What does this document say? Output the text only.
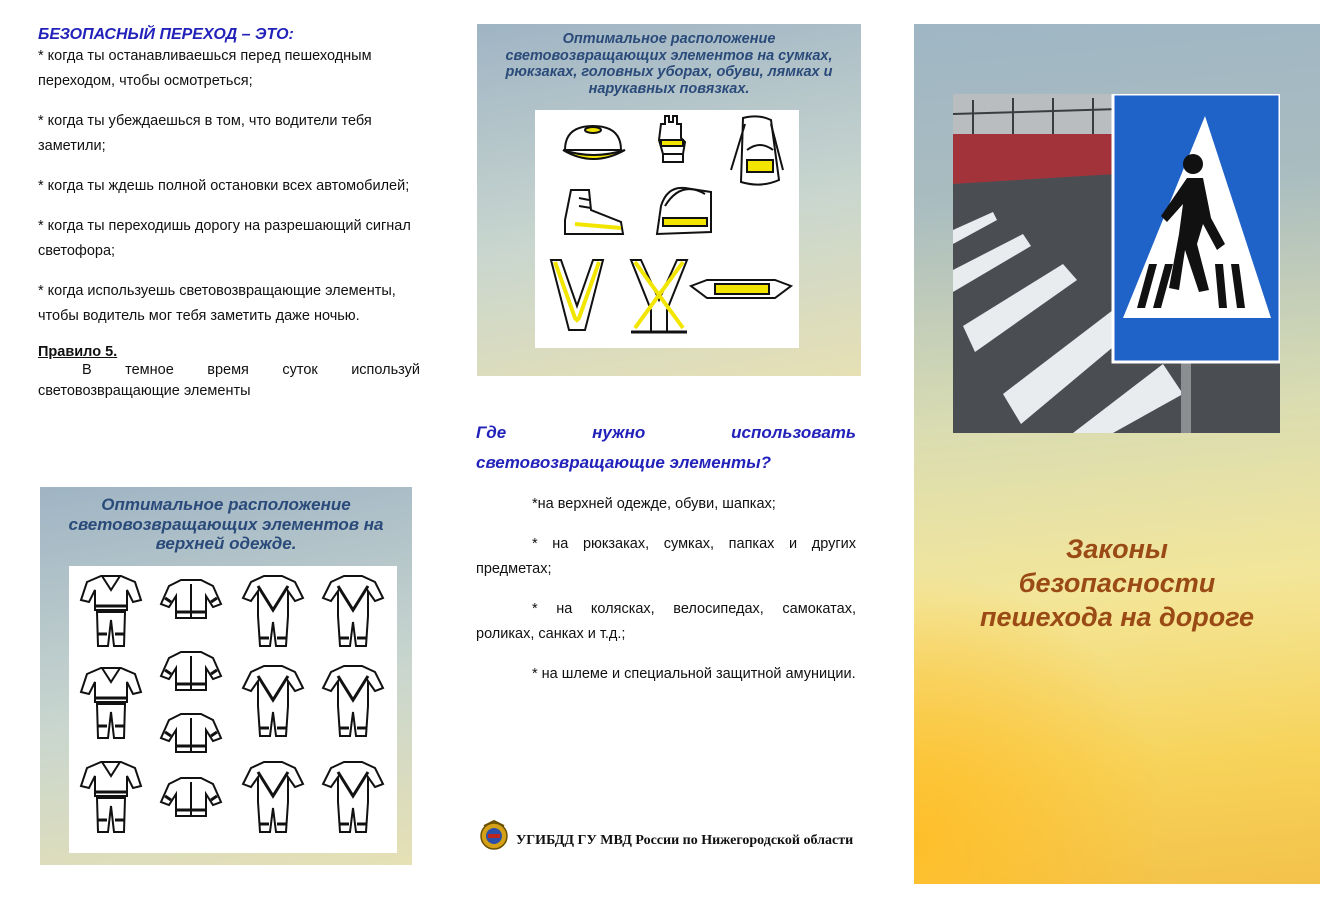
БЕЗОПАСНЫЙ ПЕРЕХОД – ЭТО:
* когда ты останавливаешься перед пешеходным переходом, чтобы осмотреться;
* когда ты убеждаешься в том, что водители тебя заметили;
* когда ты ждешь полной остановки всех автомобилей;
* когда ты переходишь дорогу на разрешающий сигнал светофора;
* когда используешь световозвращающие элементы, чтобы водитель мог тебя заметить даже ночью.
Правило 5.
В темное время суток используй световозвращающие элементы
Оптимальное расположение световозвращающих элементов на верхней одежде.
Оптимальное расположение световозвращающих элементов на сумках, рюкзаках, головных уборах, обуви, лямках и нарукавных повязках.
Где нужно использовать
световозвращающие элементы?
*на верхней одежде, обуви, шапках;
* на рюкзаках, сумках, папках и других предметах;
* на колясках, велосипедах, самокатах, роликах, санках и т.д.;
* на шлеме и специальной защитной амуниции.
УГИБДД ГУ МВД России по Нижегородской области
Законы
безопасности
пешехода на дороге
